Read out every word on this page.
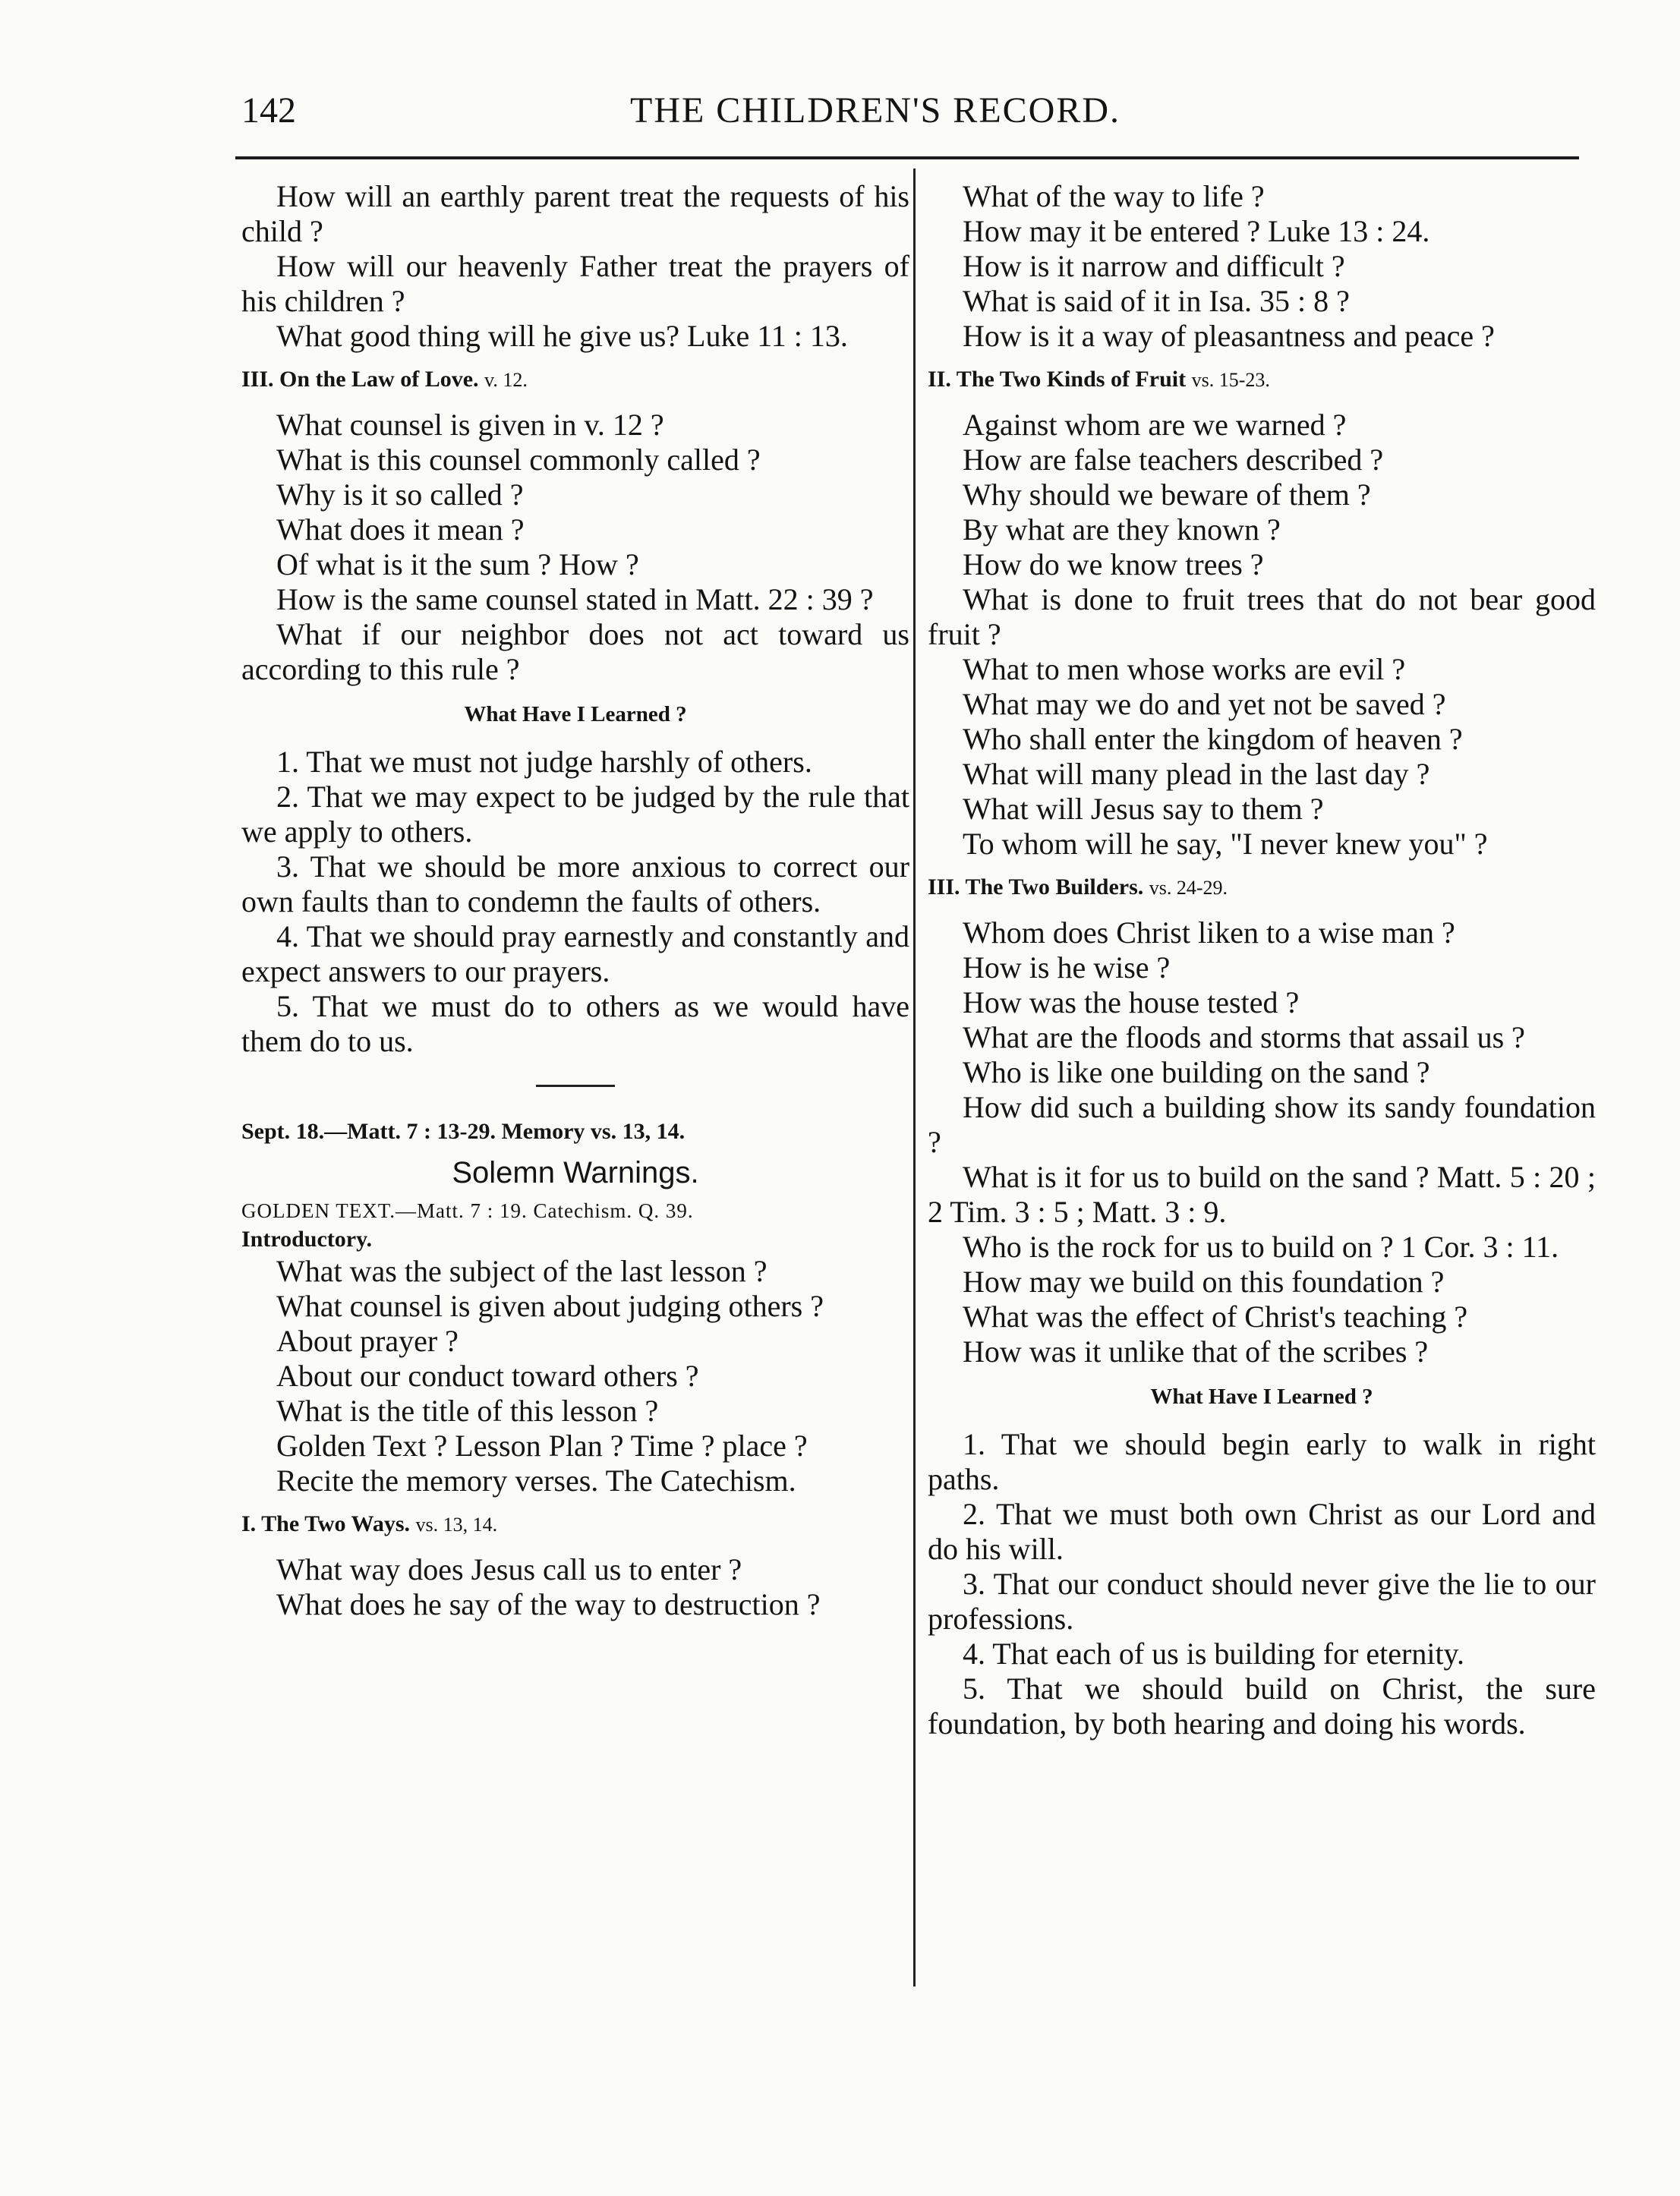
142	THE CHILDREN'S RECORD.

How will an earthly parent treat the requests of his child ?

How will our heavenly Father treat the prayers of his children ?

What good thing will he give us? Luke 11 : 13.

III. On the Law of Love. v. 12.

What counsel is given in v. 12 ?

What is this counsel commonly called ?

Why is it so called ?

What does it mean ?

Of what is it the sum ? How ?

How is the same counsel stated in Matt. 22 : 39 ?

What if our neighbor does not act toward us according to this rule ?

What Have I Learned ?

1. That we must not judge harshly of others.

2. That we may expect to be judged by the rule that we apply to others.

3. That we should be more anxious to correct our own faults than to condemn the faults of others.

4. That we should pray earnestly and constantly and expect answers to our prayers.

5. That we must do to others as we would have them do to us.

Sept. 18.—Matt. 7 : 13-29. Memory vs. 13, 14.

Solemn Warnings.

GOLDEN TEXT.—Matt. 7 : 19. Catechism. Q. 39.

Introductory.

What was the subject of the last lesson ?

What counsel is given about judging others ?

About prayer ?

About our conduct toward others ?

What is the title of this lesson ?

Golden Text ? Lesson Plan ? Time ? place ?

Recite the memory verses. The Catechism.

I. The Two Ways. vs. 13, 14.

What way does Jesus call us to enter ?

What does he say of the way to destruction ?

What of the way to life ?

How may it be entered ? Luke 13 : 24.

How is it narrow and difficult ?

What is said of it in Isa. 35 : 8 ?

How is it a way of pleasantness and peace ?

II. The Two Kinds of Fruit vs. 15-23.

Against whom are we warned ?

How are false teachers described ?

Why should we beware of them ?

By what are they known ?

How do we know trees ?

What is done to fruit trees that do not bear good fruit ?

What to men whose works are evil ?

What may we do and yet not be saved ?

Who shall enter the kingdom of heaven ?

What will many plead in the last day ?

What will Jesus say to them ?

To whom will he say, "I never knew you" ?

III. The Two Builders. vs. 24-29.

Whom does Christ liken to a wise man ?

How is he wise ?

How was the house tested ?

What are the floods and storms that assail us ?

Who is like one building on the sand ?

How did such a building show its sandy foundation ?

What is it for us to build on the sand ? Matt. 5 : 20 ; 2 Tim. 3 : 5 ; Matt. 3 : 9.

Who is the rock for us to build on ? 1 Cor. 3 : 11.

How may we build on this foundation ?

What was the effect of Christ's teaching ?

How was it unlike that of the scribes ?

What Have I Learned ?

1. That we should begin early to walk in right paths.

2. That we must both own Christ as our Lord and do his will.

3. That our conduct should never give the lie to our professions.

4. That each of us is building for eternity.

5. That we should build on Christ, the sure foundation, by both hearing and doing his words.
